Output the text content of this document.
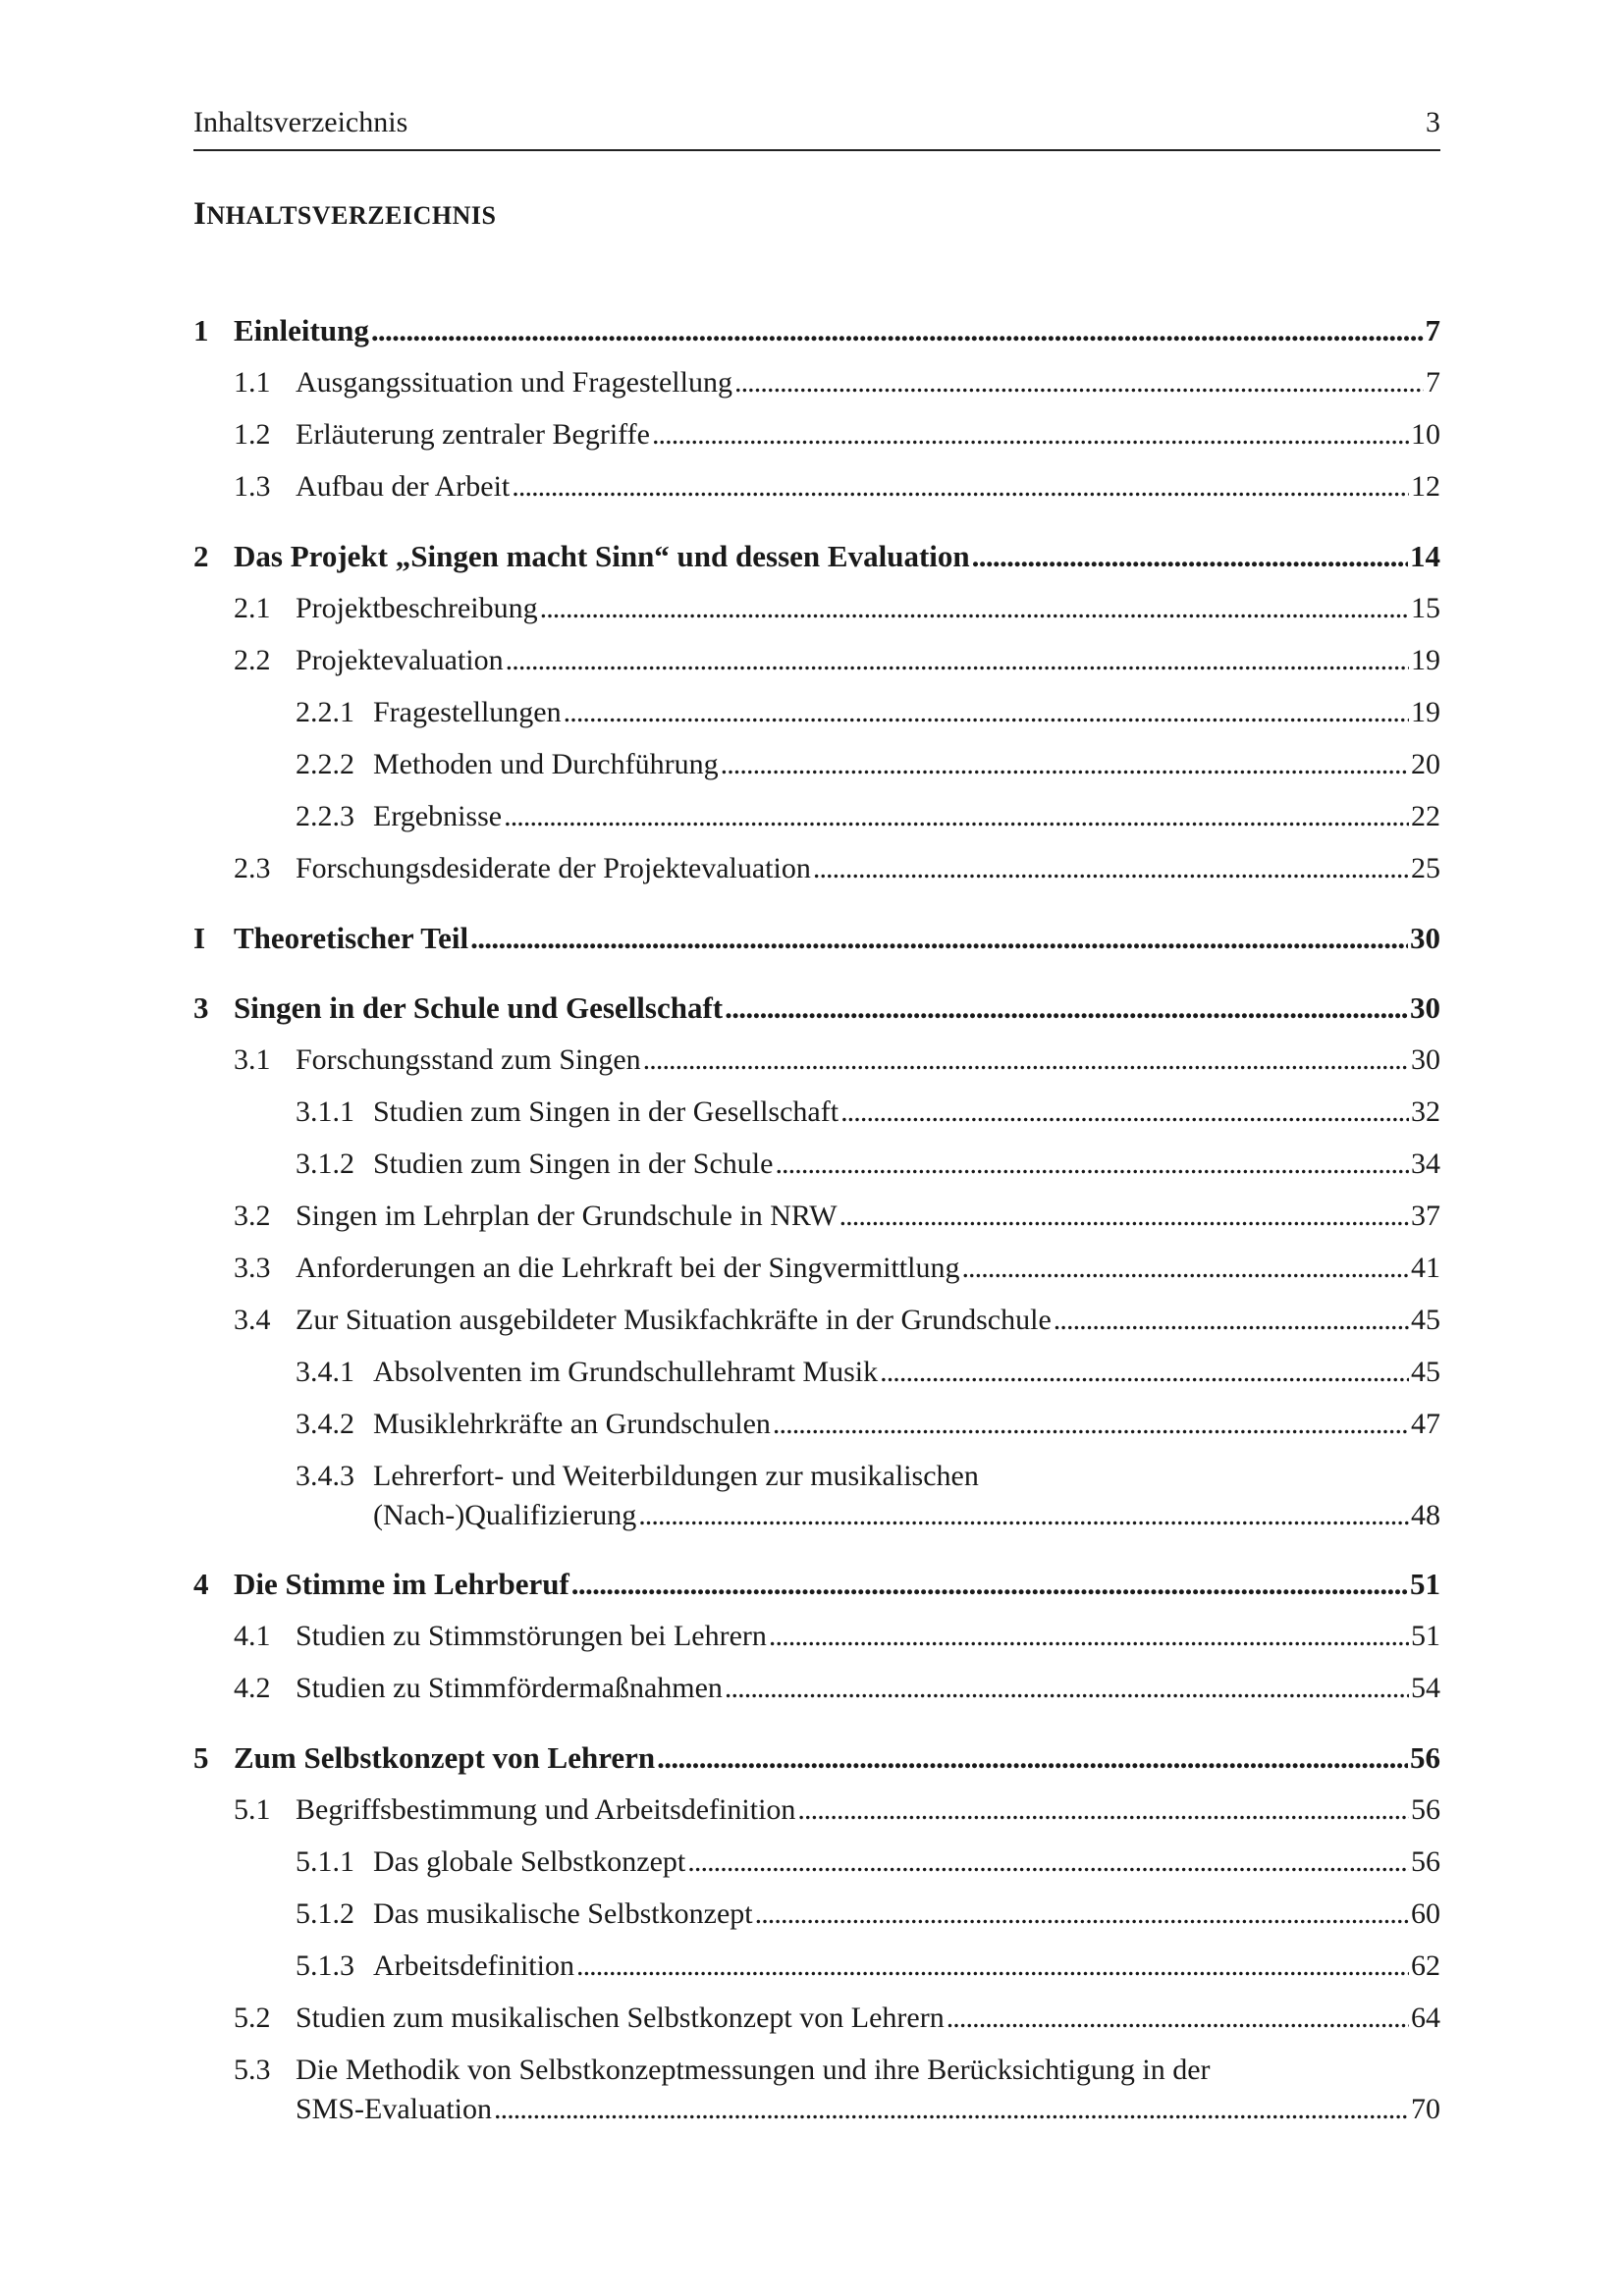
Inhaltsverzeichnis	3
INHALTSVERZEICHNIS
1 Einleitung . . .	7
1.1 Ausgangssituation und Fragestellung . . .	7
1.2 Erläuterung zentraler Begriffe . . .	10
1.3 Aufbau der Arbeit . . .	12
2 Das Projekt „Singen macht Sinn“ und dessen Evaluation . . .	14
2.1 Projektbeschreibung . . .	15
2.2 Projektevaluation . . .	19
2.2.1 Fragestellungen . . .	19
2.2.2 Methoden und Durchführung . . .	20
2.2.3 Ergebnisse . . .	22
2.3 Forschungsdesiderate der Projektevaluation . . .	25
I Theoretischer Teil . . .	30
3 Singen in der Schule und Gesellschaft . . .	30
3.1 Forschungsstand zum Singen . . .	30
3.1.1 Studien zum Singen in der Gesellschaft . . .	32
3.1.2 Studien zum Singen in der Schule . . .	34
3.2 Singen im Lehrplan der Grundschule in NRW . . .	37
3.3 Anforderungen an die Lehrkraft bei der Singvermittlung . . .	41
3.4 Zur Situation ausgebildeter Musikfachkräfte in der Grundschule . . .	45
3.4.1 Absolventen im Grundschullehramt Musik . . .	45
3.4.2 Musiklehrkräfte an Grundschulen . . .	47
3.4.3 Lehrerfort- und Weiterbildungen zur musikalischen
(Nach-)Qualifizierung . . .	48
4 Die Stimme im Lehrberuf . . .	51
4.1 Studien zu Stimmstörungen bei Lehrern . . .	51
4.2 Studien zu Stimmfördermaßnahmen . . .	54
5 Zum Selbstkonzept von Lehrern . . .	56
5.1 Begriffsbestimmung und Arbeitsdefinition . . .	56
5.1.1 Das globale Selbstkonzept . . .	56
5.1.2 Das musikalische Selbstkonzept . . .	60
5.1.3 Arbeitsdefinition . . .	62
5.2 Studien zum musikalischen Selbstkonzept von Lehrern . . .	64
5.3 Die Methodik von Selbstkonzeptmessungen und ihre Berücksichtigung in der
SMS-Evaluation . . .	70
